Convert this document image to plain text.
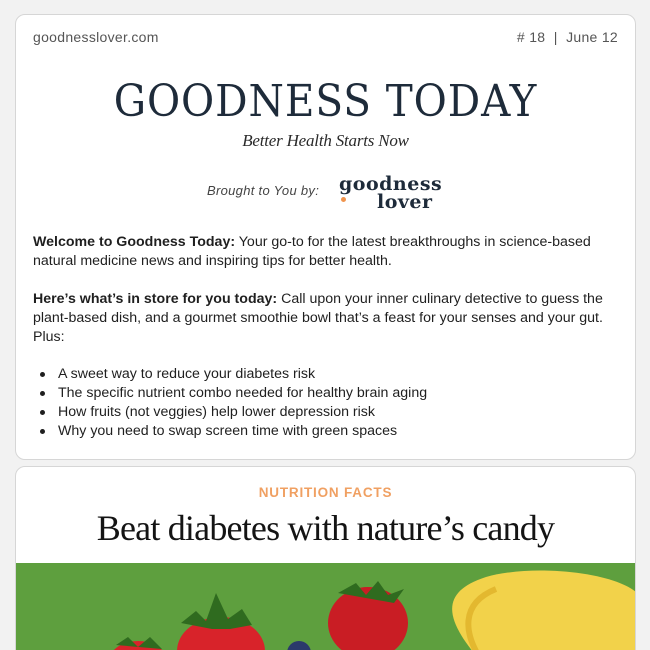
goodnesslover.com	# 18  |  June 12
GOODNESS TODAY
Better Health Starts Now
Brought to You by: goodness
lover

Welcome to Goodness Today: Your go-to for the latest breakthroughs in science-based natural medicine news and inspiring tips for better health.

Here’s what’s in store for you today: Call upon your inner culinary detective to guess the plant-based dish, and a gourmet smoothie bowl that’s a feast for your senses and your gut. Plus:

A sweet way to reduce your diabetes risk
The specific nutrient combo needed for healthy brain aging
How fruits (not veggies) help lower depression risk
Why you need to swap screen time with green spaces
NUTRITION FACTS
Beat diabetes with nature’s candy
